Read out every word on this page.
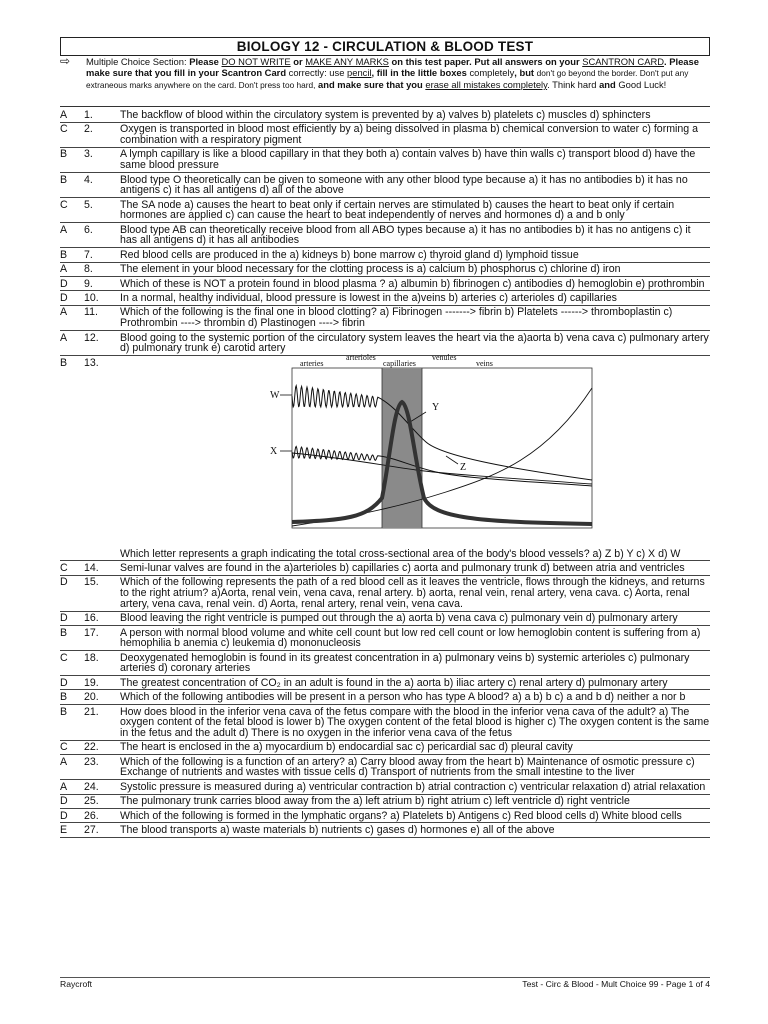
BIOLOGY 12 - CIRCULATION & BLOOD TEST
⇨ Multiple Choice Section: Please DO NOT WRITE or MAKE ANY MARKS on this test paper. Put all answers on your SCANTRON CARD. Please make sure that you fill in your Scantron Card correctly: use pencil, fill in the little boxes completely, but don't go beyond the border. Don't put any extraneous marks anywhere on the card. Don't press too hard, and make sure that you erase all mistakes completely. Think hard and Good Luck!
A	1.	The backflow of blood within the circulatory system is prevented by a) valves b) platelets c) muscles d) sphincters
C	2.	Oxygen is transported in blood most efficiently by a) being dissolved in plasma b) chemical conversion to water c) forming a combination with a respiratory pigment
B	3.	A lymph capillary is like a blood capillary in that they both a) contain valves b) have thin walls c) transport blood d) have the same blood pressure
B	4.	Blood type O theoretically can be given to someone with any other blood type because a) it has no antibodies b) it has no antigens c) it has all antigens d) all of the above
C	5.	The SA node a) causes the heart to beat only if certain nerves are stimulated b) causes the heart to beat only if certain hormones are applied c) can cause the heart to beat independently of nerves and hormones d) a and b only
A	6.	Blood type AB can theoretically receive blood from all ABO types because a) it has no antibodies b) it has no antigens c) it has all antigens d) it has all antibodies
B	7.	Red blood cells are produced in the a) kidneys b) bone marrow c) thyroid gland d) lymphoid tissue
A	8.	The element in your blood necessary for the clotting process is a) calcium b) phosphorus c) chlorine d) iron
D	9.	Which of these is NOT a protein found in blood plasma ? a) albumin b) fibrinogen c) antibodies d) hemoglobin e) prothrombin
D	10.	In a normal, healthy individual, blood pressure is lowest in the a)veins b) arteries c) arterioles d) capillaries
A	11.	Which of the following is the final one in blood clotting? a) Fibrinogen -------> fibrin b) Platelets ------> thromboplastin c) Prothrombin ----> thrombin d) Plastinogen ----> fibrin
A	12.	Blood going to the systemic portion of the circulatory system leaves the heart via the a)aorta b) vena cava c) pulmonary artery d) pulmonary trunk e) carotid artery
B	13.	arteries
arterioles
capillaries
venules
veins
W
X
Y
Z
Which letter represents a graph indicating the total cross-sectional area of the body's blood vessels? a) Z b) Y c) X d) W
C	14.	Semi-lunar valves are found in the a)arterioles b) capillaries c) aorta and pulmonary trunk d) between atria and ventricles
D	15.	Which of the following represents the path of a red blood cell as it leaves the ventricle, flows through the kidneys, and returns to the right atrium? a)Aorta, renal vein, vena cava, renal artery. b) aorta, renal vein, renal artery, vena cava. c) Aorta, renal artery, vena cava, renal vein. d) Aorta, renal artery, renal vein, vena cava.
D	16.	Blood leaving the right ventricle is pumped out through the a) aorta b) vena cava c) pulmonary vein d) pulmonary artery
B	17.	A person with normal blood volume and white cell count but low red cell count or low hemoglobin content is suffering from a) hemophilia b anemia c) leukemia d) mononucleosis
C	18.	Deoxygenated hemoglobin is found in its greatest concentration in a) pulmonary veins b) systemic arterioles c) pulmonary arteries d) coronary arteries
D	19.	The greatest concentration of CO₂ in an adult is found in the a) aorta b) iliac artery c) renal artery d) pulmonary artery
B	20.	Which of the following antibodies will be present in a person who has type A blood? a) a b) b c) a and b d) neither a nor b
B	21.	How does blood in the inferior vena cava of the fetus compare with the blood in the inferior vena cava of the adult? a) The oxygen content of the fetal blood is lower b) The oxygen content of the fetal blood is higher c) The oxygen content is the same in the fetus and the adult d) There is no oxygen in the inferior vena cava of the fetus
C	22.	The heart is enclosed in the a) myocardium b) endocardial sac c) pericardial sac d) pleural cavity
A	23.	Which of the following is a function of an artery? a) Carry blood away from the heart b) Maintenance of osmotic pressure c) Exchange of nutrients and wastes with tissue cells d) Transport of nutrients from the small intestine to the liver
A	24.	Systolic pressure is measured during a) ventricular contraction b) atrial contraction c) ventricular relaxation d) atrial relaxation
D	25.	The pulmonary trunk carries blood away from the a) left atrium b) right atrium c) left ventricle d) right ventricle
D	26.	Which of the following is formed in the lymphatic organs? a) Platelets b) Antigens c) Red blood cells d) White blood cells
E	27.	The blood transports a) waste materials b) nutrients c) gases d) hormones e) all of the above
Raycroft	Test - Circ & Blood - Mult Choice 99 - Page 1 of 4
